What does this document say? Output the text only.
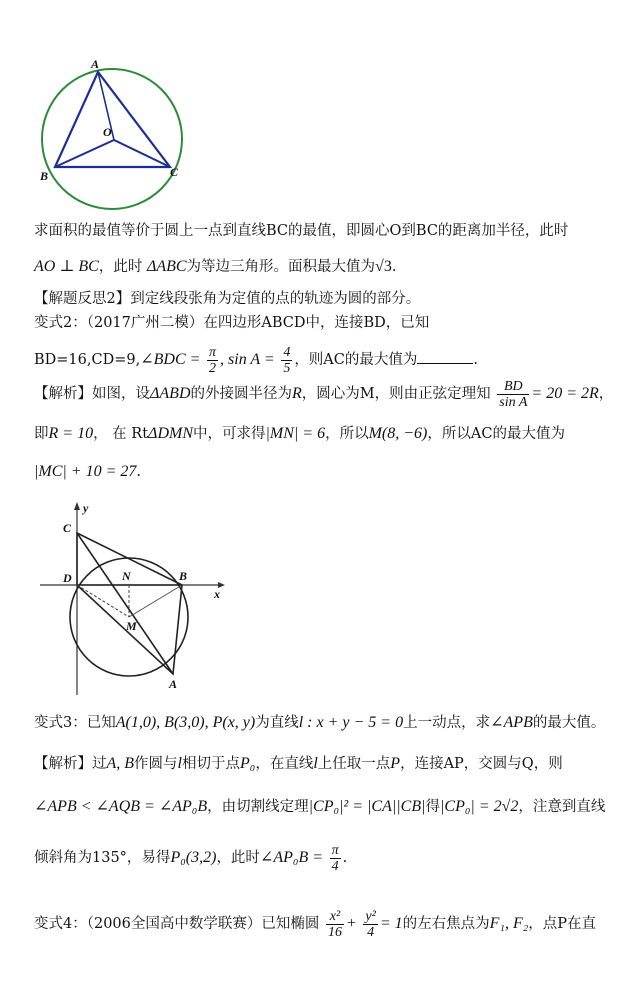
A
O
B	C
求面积的最值等价于圆上一点到直线BC的最值，即圆心O到BC的距离加半径，此时
AO ⊥ BC，此时 ΔABC为等边三角形。面积最大值为√3.
【解题反思2】到定线段张角为定值的点的轨迹为圆的部分。
变式2：（2017广州二模）在四边形ABCD中，连接BD，已知
BD=16,CD=9,∠BDC = $\frac{\pi}{2}$ , $\sin A = \frac{4}{5}$ ，则AC的最大值为	.
【解析】如图，设ΔABD的外接圆半径为R，圆心为M，则由正弦定理知 $\frac{BD}{\text{sin A}} = 20 = 2R$，
即R = 10， 在 RtΔDMN中，可求得|MN| = 6，所以M(8, −6)，所以AC的最大值为
|MC| + 10 = 27.
y
x
C
D	N	B
M
A
变式3：已知A(1,0), B(3,0), P(x, y)为直线l : x + y − 5 = 0上一动点，求∠APB的最大值。
【解析】过A, B作圆与l相切于点P₀，在直线l上任取一点P，连接AP，交圆与Q，则
∠APB < ∠AQB = ∠AP₀B，由切割线定理|CP₀|² = |CA||CB|得|CP₀| = 2√2，注意到直线
倾斜角为135°，易得P₀(3,2)，此时∠AP₀B = $\frac{\pi}{4}$ .
变式4：（2006全国高中数学联赛）已知椭圆 $\frac{\text{x²}}{16} + \frac{\text{y²}}{4} = 1$的左右焦点为F₁, F₂，点P在直
